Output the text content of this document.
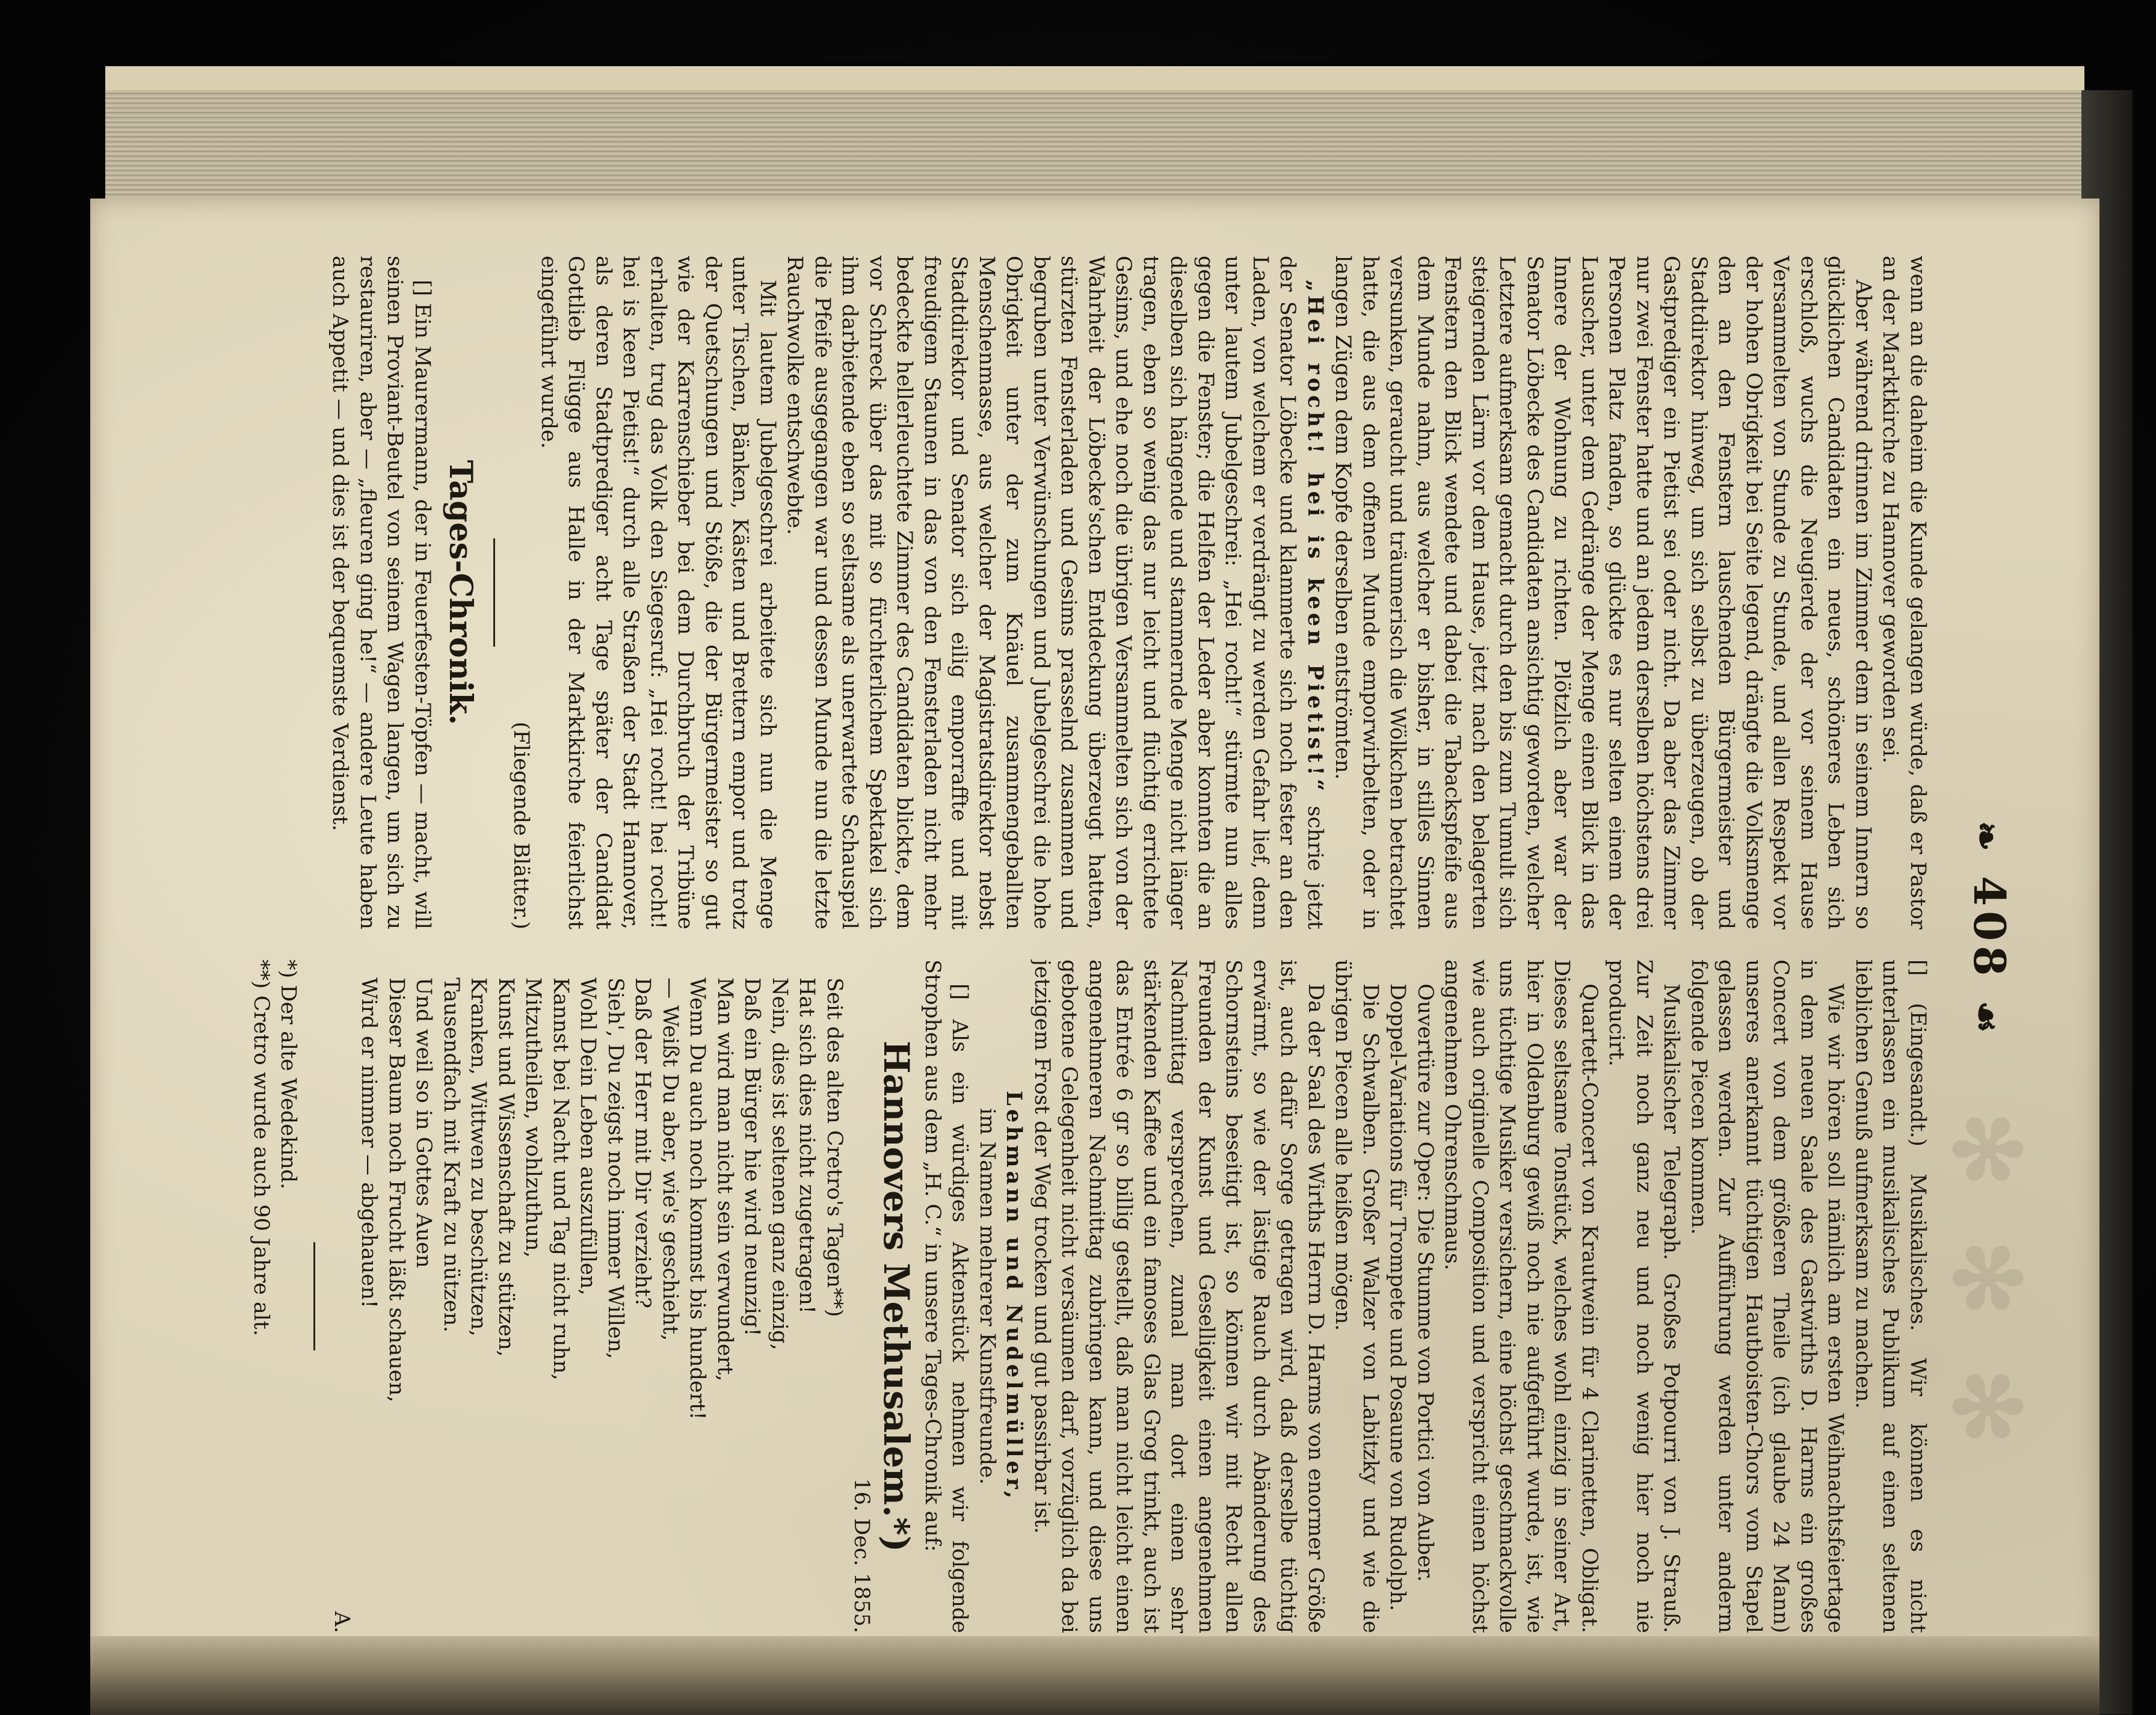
✻ ✻ ✻
❧ 408 ☙

wenn an die daheim die Kunde gelangen würde, daß er Pastor an der Marktkirche zu Hannover geworden sei.

Aber während drinnen im Zimmer dem in seinem Innern so glücklichen Candidaten ein neues, schöneres Leben sich erschloß, wuchs die Neugierde der vor seinem Hause Versammelten von Stunde zu Stunde, und allen Respekt vor der hohen Obrigkeit bei Seite legend, drängte die Volksmenge den an den Fenstern lauschenden Bürgermeister und Stadtdirektor hinweg, um sich selbst zu überzeugen, ob der Gastprediger ein Pietist sei oder nicht. Da aber das Zimmer nur zwei Fenster hatte und an jedem derselben höchstens drei Personen Platz fanden, so glückte es nur selten einem der Lauscher, unter dem Gedränge der Menge einen Blick in das Innere der Wohnung zu richten. Plötzlich aber war der Senator Löbecke des Candidaten ansichtig geworden, welcher Letztere aufmerksam gemacht durch den bis zum Tumult sich steigernden Lärm vor dem Hause, jetzt nach den belagerten Fenstern den Blick wendete und dabei die Tabackspfeife aus dem Munde nahm, aus welcher er bisher, in stilles Sinnen versunken, geraucht und träumerisch die Wölkchen betrachtet hatte, die aus dem offenen Munde emporwirbelten, oder in langen Zügen dem Kopfe derselben entströmten.

„Hei rocht! hei is keen Pietist!“ schrie jetzt der Senator Löbecke und klammerte sich noch fester an den Laden, von welchem er verdrängt zu werden Gefahr lief, denn unter lautem Jubelgeschrei: „Hei rocht!“ stürmte nun alles gegen die Fenster; die Helfen der Leder aber konnten die an dieselben sich hängende und stammernde Menge nicht länger tragen, eben so wenig das nur leicht und flüchtig errichtete Gesims, und ehe noch die übrigen Versammelten sich von der Wahrheit der Löbecke'schen Entdeckung überzeugt hatten, stürzten Fensterladen und Gesims prasselnd zusammen und begruben unter Verwünschungen und Jubelgeschrei die hohe Obrigkeit unter der zum Knäuel zusammengeballten Menschenmasse, aus welcher der Magistratsdirektor nebst Stadtdirektor und Senator sich eilig emporraffte und mit freudigem Staunen in das von den Fensterladen nicht mehr bedeckte hellerleuchtete Zimmer des Candidaten blickte, dem vor Schreck über das mit so fürchterlichem Spektakel sich ihm darbietende eben so seltsame als unerwartete Schauspiel die Pfeife ausgegangen war und dessen Munde nun die letzte Rauchwolke entschwebte.

Mit lautem Jubelgeschrei arbeitete sich nun die Menge unter Tischen, Bänken, Kästen und Brettern empor und trotz der Quetschungen und Stöße, die der Bürgermeister so gut wie der Karrenschieber bei dem Durchbruch der Tribüne erhalten, trug das Volk den Siegesruf: „Hei rocht! hei rocht! hei is keen Pietist!“ durch alle Straßen der Stadt Hannover, als deren Stadtprediger acht Tage später der Candidat Gottlieb Flügge aus Halle in der Marktkirche feierlichst eingeführt wurde.

(Fliegende Blätter.)

Tages-Chronik.

[] Ein Maurermann, der in Feuerfesten-Töpfen — macht, will seinen Proviant-Beutel von seinem Wagen langen, um sich zu restauriren, aber — „fleuren ging he!“ — andere Leute haben auch Appetit — und dies ist der bequemste Verdienst.

[] (Eingesandt.) Musikalisches. Wir können es nicht unterlassen ein musikalisches Publikum auf einen seltenen lieblichen Genuß aufmerksam zu machen.

Wie wir hören soll nämlich am ersten Weihnachtsfeiertage in dem neuen Saale des Gastwirths D. Harms ein großes Concert von dem größeren Theile (ich glaube 24 Mann) unseres anerkannt tüchtigen Hautboisten-Chors vom Stapel gelassen werden. Zur Aufführung werden unter anderm folgende Piecen kommen.

Musikalischer Telegraph. Großes Potpourri von J. Strauß. Zur Zeit noch ganz neu und noch wenig hier noch nie producirt.

Quartett-Concert von Krautwein für 4 Clarinetten, Obligat. Dieses seltsame Tonstück, welches wohl einzig in seiner Art, hier in Oldenburg gewiß noch nie aufgeführt wurde, ist, wie uns tüchtige Musiker versichern, eine höchst geschmackvolle wie auch originelle Composition und verspricht einen höchst angenehmen Ohrenschmaus.

Ouvertüre zur Oper: Die Stumme von Portici von Auber.

Doppel-Variations für Trompete und Posaune von Rudolph.

Die Schwalben. Großer Walzer von Labitzky und wie die übrigen Piecen alle heißen mögen.

Da der Saal des Wirths Herrn D. Harms von enormer Größe ist, auch dafür Sorge getragen wird, daß derselbe tüchtig erwärmt, so wie der lästige Rauch durch Abänderung des Schornsteins beseitigt ist, so können wir mit Recht allen Freunden der Kunst und Geselligkeit einen angenehmen Nachmittag versprechen, zumal man dort einen sehr stärkenden Kaffee und ein famoses Glas Grog trinkt, auch ist das Entrée 6 gr so billig gestellt, daß man nicht leicht einen angenehmeren Nachmittag zubringen kann, und diese uns gebotene Gelegenheit nicht versäumen darf, vorzüglich da bei jetzigem Frost der Weg trocken und gut passirbar ist.

Lehmann und Nudelmüller,

im Namen mehrerer Kunstfreunde.

[] Als ein würdiges Aktenstück nehmen wir folgende Strophen aus dem „H. C.“ in unsere Tages-Chronik auf:

Hannovers Methusalem.*)

16. Dec. 1855.

Seit des alten Cretro's Tagen**)

Hat sich dies nicht zugetragen!

Nein, dies ist seltenen ganz einzig,

Daß ein Bürger hie wird neunzig!

Man wird man nicht sein verwundert,

Wenn Du auch noch kommst bis hundert!

— Weißt Du aber, wie's geschieht,

Daß der Herr mit Dir verzieht?

Sieh', Du zeigst noch immer Willen,

Wohl Dein Leben auszufüllen,

Kannst bei Nacht und Tag nicht ruhn,

Mitzutheilen, wohlzuthun,

Kunst und Wissenschaft zu stützen,

Kranken, Wittwen zu beschützen,

Tausendfach mit Kraft zu nützen.

Und weil so in Gottes Auen

Dieser Baum noch Frucht läßt schauen,

Wird er nimmer — abgehauen!

A.

*) Der alte Wedekind.

**) Cretro wurde auch 90 Jahre alt.
